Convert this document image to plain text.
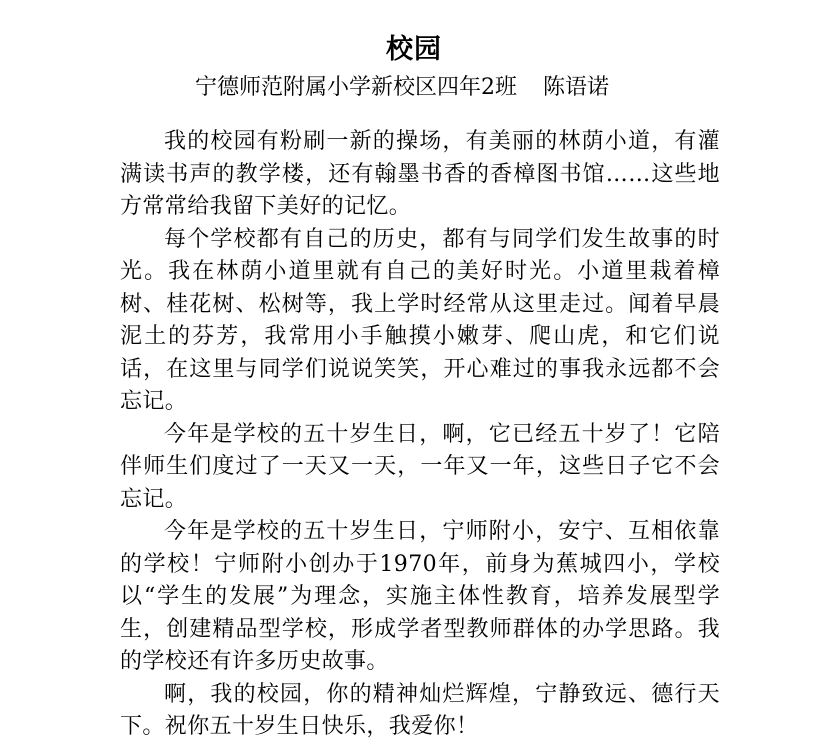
校园
宁德师范附属小学新校区四年2班 陈语诺

我的校园有粉刷一新的操场，有美丽的林荫小道，有灌满读书声的教学楼，还有翰墨书香的香樟图书馆……这些地方常常给我留下美好的记忆。

每个学校都有自己的历史，都有与同学们发生故事的时光。我在林荫小道里就有自己的美好时光。小道里栽着樟树、桂花树、松树等，我上学时经常从这里走过。闻着早晨泥土的芬芳，我常用小手触摸小嫩芽、爬山虎，和它们说话，在这里与同学们说说笑笑，开心难过的事我永远都不会忘记。

今年是学校的五十岁生日，啊，它已经五十岁了！它陪伴师生们度过了一天又一天，一年又一年，这些日子它不会忘记。

今年是学校的五十岁生日，宁师附小，安宁、互相依靠的学校！宁师附小创办于1970年，前身为蕉城四小，学校以“学生的发展”为理念，实施主体性教育，培养发展型学生，创建精品型学校，形成学者型教师群体的办学思路。我的学校还有许多历史故事。

啊，我的校园，你的精神灿烂辉煌，宁静致远、德行天下。祝你五十岁生日快乐，我爱你！
